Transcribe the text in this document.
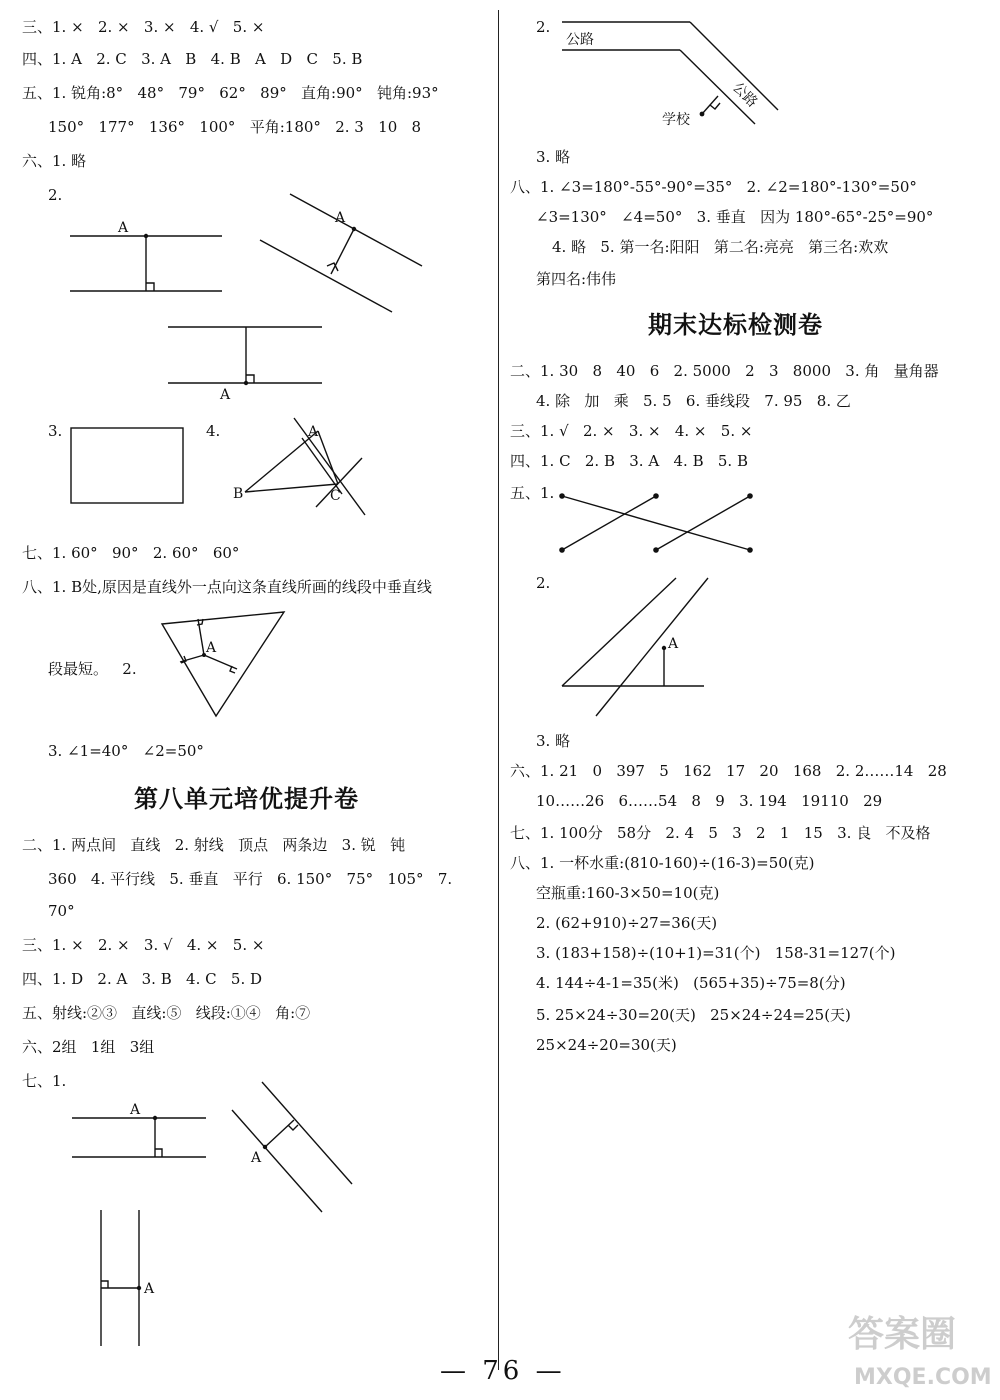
三、1. ×   2. ×   3. ×   4. √   5. ×
四、1. A   2. C   3. A   B   4. B   A   D   C   5. B
五、1. 锐角:8°   48°   79°   62°   89°   直角:90°   钝角:93°
150°   177°   136°   100°   平角:180°   2. 3   10   8
六、1. 略
2.
A
A
A
3.	4.	A
B	C
七、1. 60°   90°   2. 60°   60°
八、1. B处,原因是直线外一点向这条直线所画的线段中垂直线
A
段最短。   2.
3. ∠1=40°   ∠2=50°
第八单元培优提升卷
二、1. 两点间   直线   2. 射线   顶点   两条边   3. 锐   钝
360   4. 平行线   5. 垂直   平行   6. 150°   75°   105°   7.
70°
三、1. ×   2. ×   3. √   4. ×   5. ×
四、1. D   2. A   3. B   4. C   5. D
五、射线:②③   直线:⑤   线段:①④   角:⑦
六、2组   1组   3组
七、1.
A
A
A
2.
公路
公路
学校
3. 略
八、1. ∠3=180°-55°-90°=35°   2. ∠2=180°-130°=50°
∠3=130°   ∠4=50°   3. 垂直   因为 180°-65°-25°=90°
4. 略   5. 第一名:阳阳   第二名:亮亮   第三名:欢欢
第四名:伟伟
期末达标检测卷
二、1. 30   8   40   6   2. 5000   2   3   8000   3. 角   量角器
4. 除   加   乘   5. 5   6. 垂线段   7. 95   8. 乙
三、1. √   2. ×   3. ×   4. ×   5. ×
四、1. C   2. B   3. A   4. B   5. B
五、1.
2.
A
3. 略
六、1. 21   0   397   5   162   17   20   168   2. 2……14   28
10……26   6……54   8   9   3. 194   19110   29
七、1. 100分   58分   2. 4   5   3   2   1   15   3. 良   不及格
八、1. 一杯水重:(810-160)÷(16-3)=50(克)
空瓶重:160-3×50=10(克)
2. (62+910)÷27=36(天)
3. (183+158)÷(10+1)=31(个)   158-31=127(个)
4. 144÷4-1=35(米)   (565+35)÷75=8(分)
5. 25×24÷30=20(天)   25×24÷24=25(天)
25×24÷20=30(天)
— 76 —
答案圈
MXQE.COM
